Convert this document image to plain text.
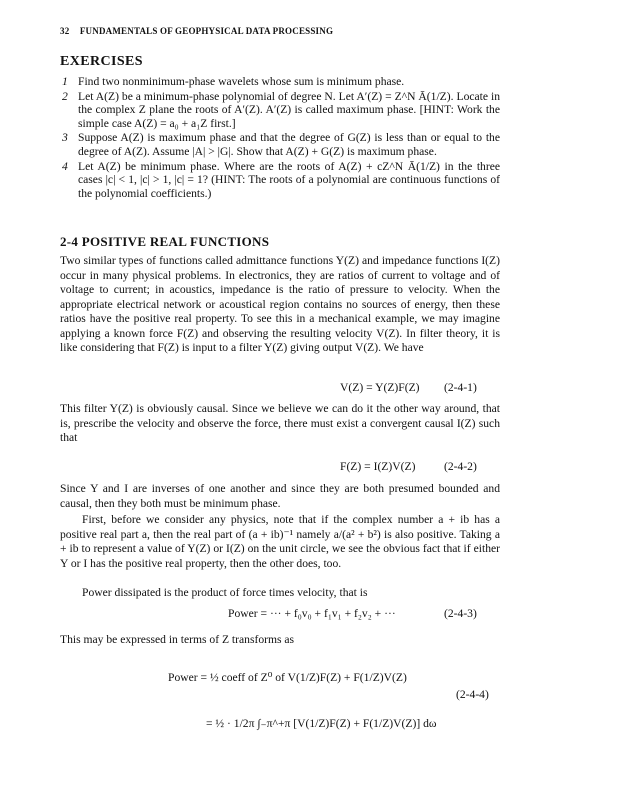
32 FUNDAMENTALS OF GEOPHYSICAL DATA PROCESSING
EXERCISES
1 Find two nonminimum-phase wavelets whose sum is minimum phase.
2 Let A(Z) be a minimum-phase polynomial of degree N. Let A′(Z) = Z^N Ā(1/Z). Locate in the complex Z plane the roots of A′(Z). A′(Z) is called maximum phase. [HINT: Work the simple case A(Z) = a₀ + a₁Z first.]
3 Suppose A(Z) is maximum phase and that the degree of G(Z) is less than or equal to the degree of A(Z). Assume |A| > |G|. Show that A(Z) + G(Z) is maximum phase.
4 Let A(Z) be minimum phase. Where are the roots of A(Z) + cZ^N Ā(1/Z) in the three cases |c| < 1, |c| > 1, |c| = 1? (HINT: The roots of a polynomial are continuous functions of the polynomial coefficients.)
2-4 POSITIVE REAL FUNCTIONS
Two similar types of functions called admittance functions Y(Z) and impedance functions I(Z) occur in many physical problems. In electronics, they are ratios of current to voltage and of voltage to current; in acoustics, impedance is the ratio of pressure to velocity. When the appropriate electrical network or acoustical region contains no sources of energy, then these ratios have the positive real property. To see this in a mechanical example, we may imagine applying a known force F(Z) and observing the resulting velocity V(Z). In filter theory, it is like considering that F(Z) is input to a filter Y(Z) giving output V(Z). We have
V(Z) = Y(Z)F(Z) (2-4-1)
This filter Y(Z) is obviously causal. Since we believe we can do it the other way around, that is, prescribe the velocity and observe the force, there must exist a convergent causal I(Z) such that
F(Z) = I(Z)V(Z) (2-4-2)
Since Y and I are inverses of one another and since they are both presumed bounded and causal, then they both must be minimum phase.
First, before we consider any physics, note that if the complex number a + ib has a positive real part a, then the real part of (a + ib)⁻¹ namely a/(a² + b²) is also positive. Taking a + ib to represent a value of Y(Z) or I(Z) on the unit circle, we see the obvious fact that if either Y or I has the positive real property, then the other does, too.
Power dissipated is the product of force times velocity, that is
Power = ··· + f₀v₀ + f₁v₁ + f₂v₂ + ···	(2-4-3)
This may be expressed in terms of Z transforms as
Power = ½ coeff of Z⁰ of V(1/Z)F(Z) + F(1/Z)V(Z)
(2-4-4)
= ½ · 1/2π ∫₋π^+π [V(1/Z)F(Z) + F(1/Z)V(Z)] dω
